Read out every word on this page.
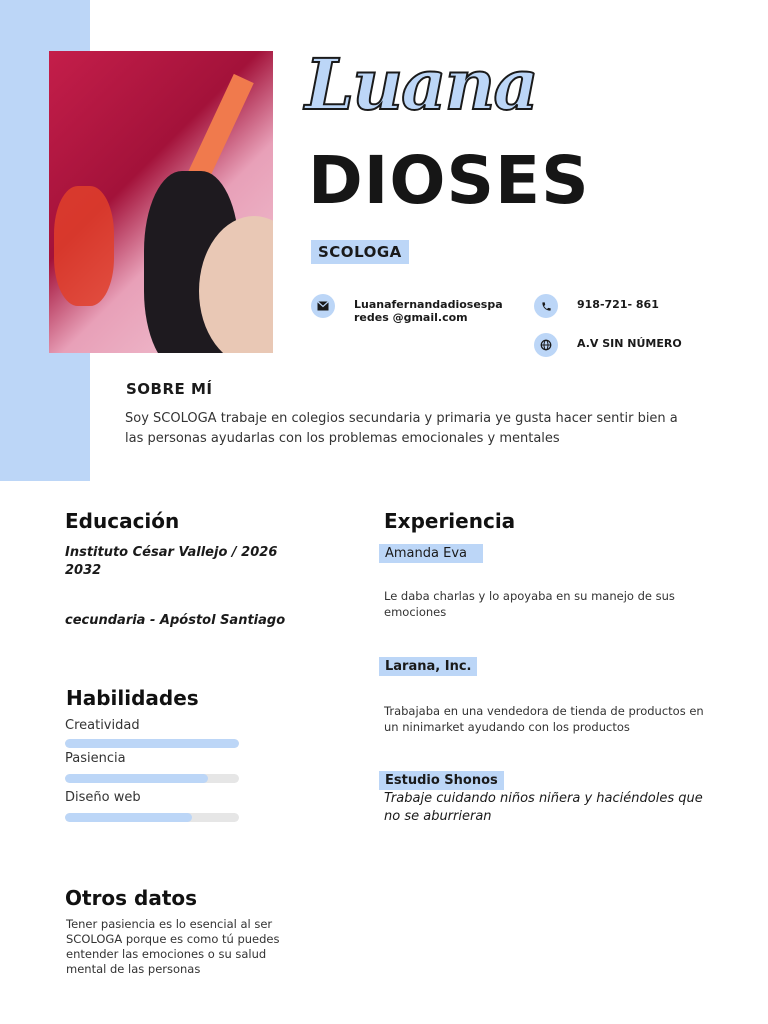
Luana
DIOSES
SCOLOGA
Luanafernandadiosespa
redes @gmail.com
918-721- 861
A.V SIN NÚMERO
SOBRE MÍ
Soy SCOLOGA trabaje en colegios secundaria y primaria ye gusta hacer sentir bien a las personas ayudarlas con los problemas emocionales y mentales
Educación
Instituto César Vallejo / 2026 2032
cecundaria - Apóstol Santiago
Habilidades
Creatividad
Pasiencia
Diseño web
Experiencia
Amanda Eva
Le daba charlas y lo apoyaba en su manejo de sus emociones
Larana, Inc.
Trabajaba en una vendedora de tienda de productos en un ninimarket ayudando con los productos
Estudio Shonos
Trabaje cuidando niños niñera y haciéndoles que no se aburrieran
Otros datos
Tener pasiencia es lo esencial al ser SCOLOGA porque es como tú puedes entender las emociones o su salud mental de las personas
